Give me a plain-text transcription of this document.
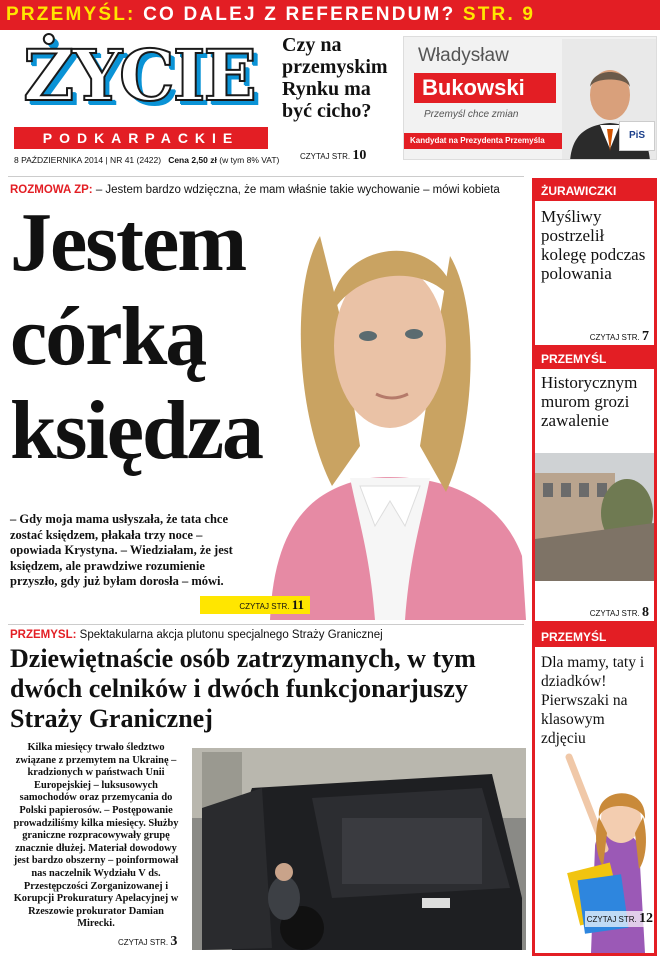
PRZEMYŚL:
CO DALEJ Z REFERENDUM?
STR. 9
ŻYCIE
PODKARPACKIE
8 PAŹDZIERNIKA 2014 | NR 41 (2422) Cena 2,50 zł (w tym 8% VAT)
Czy na przemyskim Rynku ma być cicho?
CZYTAJ STR. 10
Władysław
Bukowski
Przemyśl chce zmian
Kandydat na Prezydenta Przemyśla	PiS
ROZMOWA ŻP: – Jestem bardzo wdzięczna, że mam właśnie takie wychowanie – mówi kobieta
Jestem
córką
księdza
– Gdy moja mama usłyszała, że tata chce zostać księdzem, płakała trzy noce – opowiada Krystyna. – Wiedziałam, że jest księdzem, ale prawdziwe rozumienie przyszło, gdy już byłam dorosła – mówi.
CZYTAJ STR. 11
PRZEMYŚL: Spektakularna akcja plutonu specjalnego Straży Granicznej
Dziewiętnaście osób zatrzymanych, w tym dwóch celników i dwóch funkcjonarjuszy Straży Granicznej
Kilka miesięcy trwało śledztwo związane z przemytem na Ukrainę – kradzionych w państwach Unii Europejskiej – luksusowych samochodów oraz przemycania do Polski papierosów. – Postępowanie prowadziliśmy kilka miesięcy. Służby graniczne rozpracowywały grupę znacznie dłużej. Materiał dowodowy jest bardzo obszerny – poinformował nas naczelnik Wydziału V ds. Przestępczości Zorganizowanej i Korupcji Prokuratury Apelacyjnej w Rzeszowie prokurator Damian Mirecki.
CZYTAJ STR. 3
ŻURAWICZKI
Myśliwy postrzelił kolegę podczas polowania
CZYTAJ STR. 7
PRZEMYŚL
Historycznym murom grozi zawalenie
CZYTAJ STR. 8
PRZEMYŚL
Dla mamy, taty i dziadków! Pierwszaki na klasowym zdjęciu
CZYTAJ STR. 12
